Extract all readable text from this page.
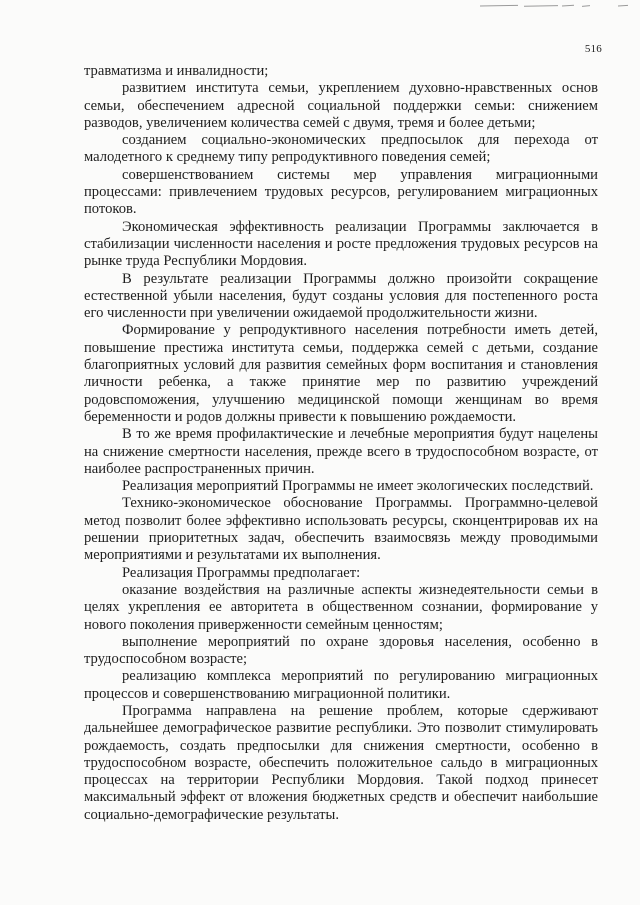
516

травматизма и инвалидности;

развитием института семьи, укреплением духовно-нравственных основ семьи, обеспечением адресной социальной поддержки семьи: снижением разводов, увеличением количества семей с двумя, тремя и более детьми;

созданием социально-экономических предпосылок для перехода от малодетного к среднему типу репродуктивного поведения семей;

совершенствованием системы мер управления миграционными процессами: привлечением трудовых ресурсов, регулированием миграционных потоков.

Экономическая эффективность реализации Программы заключается в стабилизации численности населения и росте предложения трудовых ресурсов на рынке труда Республики Мордовия.

В результате реализации Программы должно произойти сокращение естественной убыли населения, будут созданы условия для постепенного роста его численности при увеличении ожидаемой продолжительности жизни.

Формирование у репродуктивного населения потребности иметь детей, повышение престижа института семьи, поддержка семей с детьми, создание благоприятных условий для развития семейных форм воспитания и становления личности ребенка, а также принятие мер по развитию учреждений родовспоможения, улучшению медицинской помощи женщинам во время беременности и родов должны привести к повышению рождаемости.

В то же время профилактические и лечебные мероприятия будут нацелены на снижение смертности населения, прежде всего в трудоспособном возрасте, от наиболее распространенных причин.

Реализация мероприятий Программы не имеет экологических последствий.

Технико-экономическое обоснование Программы. Программно-целевой метод позволит более эффективно использовать ресурсы, сконцентрировав их на решении приоритетных задач, обеспечить взаимосвязь между проводимыми мероприятиями и результатами их выполнения.

Реализация Программы предполагает:

оказание воздействия на различные аспекты жизнедеятельности семьи в целях укрепления ее авторитета в общественном сознании, формирование у нового поколения приверженности семейным ценностям;

выполнение мероприятий по охране здоровья населения, особенно в трудоспособном возрасте;

реализацию комплекса мероприятий по регулированию миграционных процессов и совершенствованию миграционной политики.

Программа направлена на решение проблем, которые сдерживают дальнейшее демографическое развитие республики. Это позволит стимулировать рождаемость, создать предпосылки для снижения смертности, особенно в трудоспособном возрасте, обеспечить положительное сальдо в миграционных процессах на территории Республики Мордовия. Такой подход принесет максимальный эффект от вложения бюджетных средств и обеспечит наибольшие социально-демографические результаты.
